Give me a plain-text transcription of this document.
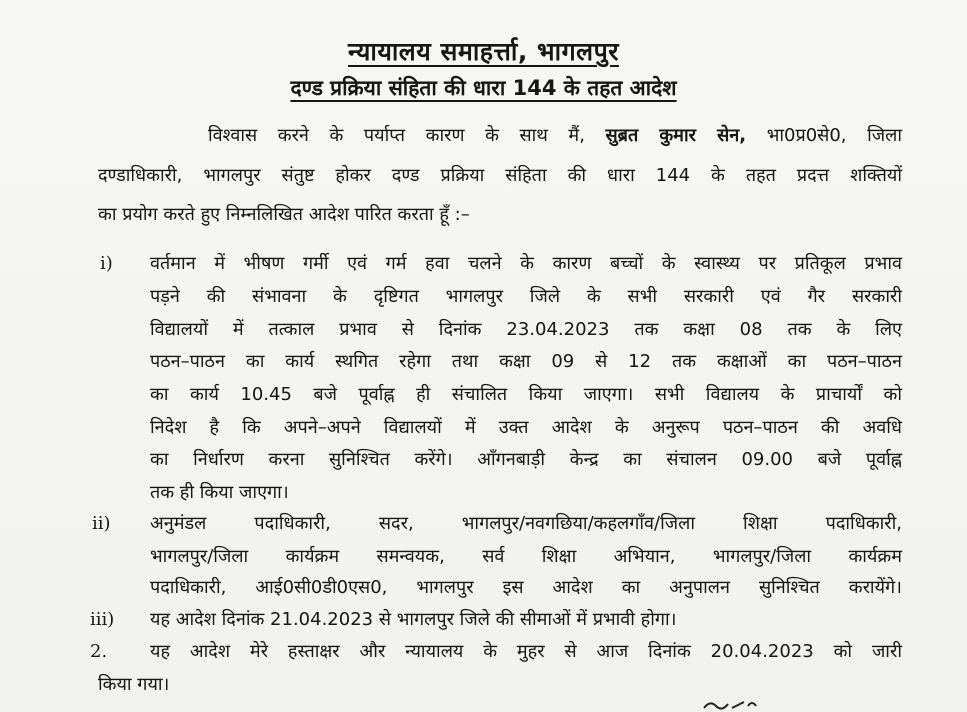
न्यायालय समाहर्त्ता, भागलपुर
दण्ड प्रक्रिया संहिता की धारा 144 के तहत आदेश
विश्वास करने के पर्याप्त कारण के साथ मैं, सुब्रत कुमार सेन, भा0प्र0से0, जिला
दण्डाधिकारी, भागलपुर संतुष्ट होकर दण्ड प्रक्रिया संहिता की धारा 144 के तहत प्रदत्त शक्तियों
का प्रयोग करते हुए निम्नलिखित आदेश पारित करता हूँ :–
i) वर्तमान में भीषण गर्मी एवं गर्म हवा चलने के कारण बच्चों के स्वास्थ्य पर प्रतिकूल प्रभाव
पड़ने की संभावना के दृष्टिगत भागलपुर जिले के सभी सरकारी एवं गैर सरकारी
विद्यालयों में तत्काल प्रभाव से दिनांक 23.04.2023 तक कक्षा 08 तक के लिए
पठन–पाठन का कार्य स्थगित रहेगा तथा कक्षा 09 से 12 तक कक्षाओं का पठन–पाठन
का कार्य 10.45 बजे पूर्वाह्न ही संचालित किया जाएगा। सभी विद्यालय के प्राचार्यों को
निदेश है कि अपने–अपने विद्यालयों में उक्त आदेश के अनुरूप पठन–पाठन की अवधि
का निर्धारण करना सुनिश्चित करेंगे। आँगनबाड़ी केन्द्र का संचालन 09.00 बजे पूर्वाह्न
तक ही किया जाएगा।
ii) अनुमंडल पदाधिकारी, सदर, भागलपुर/नवगछिया/कहलगाँव/जिला शिक्षा पदाधिकारी,
भागलपुर/जिला कार्यक्रम समन्वयक, सर्व शिक्षा अभियान, भागलपुर/जिला कार्यक्रम
पदाधिकारी, आई0सी0डी0एस0, भागलपुर इस आदेश का अनुपालन सुनिश्चित करायेंगे।
iii) यह आदेश दिनांक 21.04.2023 से भागलपुर जिले की सीमाओं में प्रभावी होगा।
2. यह आदेश मेरे हस्ताक्षर और न्यायालय के मुहर से आज दिनांक 20.04.2023 को जारी
किया गया।
